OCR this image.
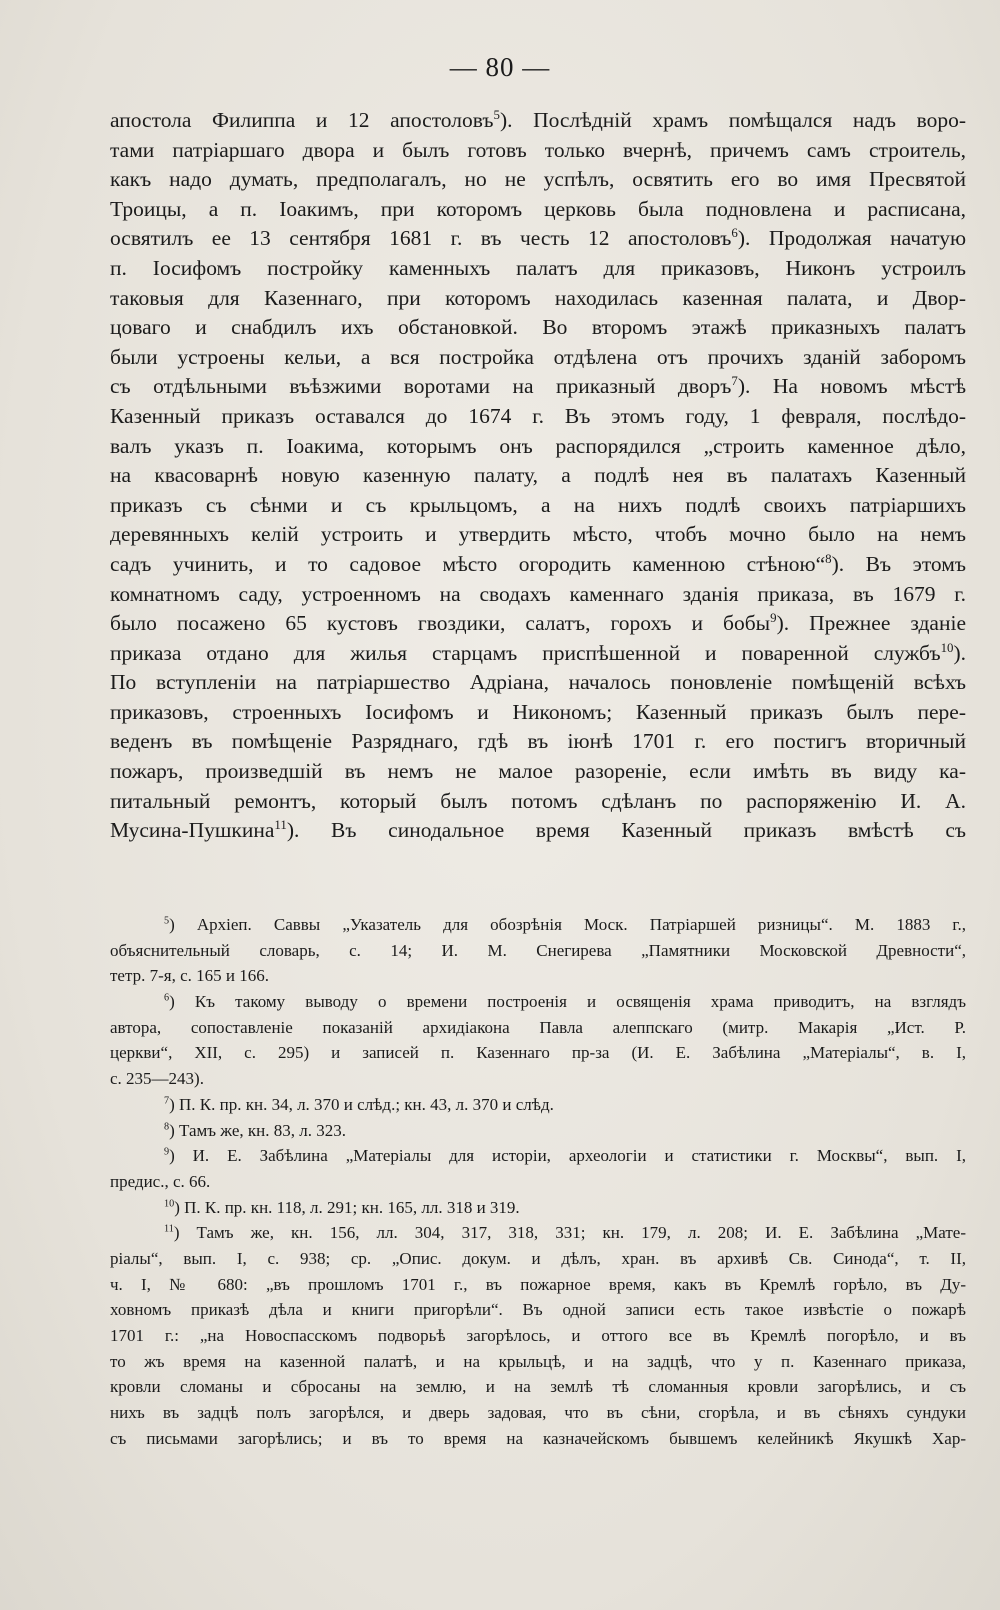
— 80 —
апостола Филиппа и 12 апостоловъ$^5$). Послѣдній храмъ помѣщался надъ воро-
тами патріаршаго двора и былъ готовъ только вчернѣ, причемъ самъ строитель,
какъ надо думать, предполагалъ, но не успѣлъ, освятить его во имя Пресвятой
Троицы, а п. Іоакимъ, при которомъ церковь была подновлена и расписана,
освятилъ ее 13 сентября 1681 г. въ честь 12 апостоловъ$^6$). Продолжая начатую
п. Іосифомъ постройку каменныхъ палатъ для приказовъ, Никонъ устроилъ
таковыя для Казеннаго, при которомъ находилась казенная палата, и Двор-
цоваго и снабдилъ ихъ обстановкой. Во второмъ этажѣ приказныхъ палатъ
были устроены кельи, а вся постройка отдѣлена отъ прочихъ зданій заборомъ
съ отдѣльными въѣзжими воротами на приказный дворъ$^7$). На новомъ мѣстѣ
Казенный приказъ оставался до 1674 г. Въ этомъ году, 1 февраля, послѣдо-
валъ указъ п. Іоакима, которымъ онъ распорядился „строить каменное дѣло,
на квасоварнѣ новую казенную палату, а подлѣ нея въ палатахъ Казенный
приказъ съ сѣнми и съ крыльцомъ, а на нихъ подлѣ своихъ патріаршихъ
деревянныхъ келій устроить и утвердить мѣсто, чтобъ мочно было на немъ
садъ учинить, и то садовое мѣсто огородить каменною стѣною“$^8$). Въ этомъ
комнатномъ саду, устроенномъ на сводахъ каменнаго зданія приказа, въ 1679 г.
было посажено 65 кустовъ гвоздики, салатъ, горохъ и бобы$^9$). Прежнее зданіе
приказа отдано для жилья старцамъ приспѣшенной и поваренной службъ$^{10}$).
По вступленіи на патріаршество Адріана, началось поновленіе помѣщеній всѣхъ
приказовъ, строенныхъ Іосифомъ и Никономъ; Казенный приказъ былъ пере-
веденъ въ помѣщеніе Разряднаго, гдѣ въ іюнѣ 1701 г. его постигъ вторичный
пожаръ, произведшій въ немъ не малое разореніе, если имѣть въ виду ка-
питальный ремонтъ, который былъ потомъ сдѣланъ по распоряженію И. А.
Мусина-Пушкина$^{11}$). Въ синодальное время Казенный приказъ вмѣстѣ съ
$^5$) Архіеп. Саввы „Указатель для обозрѣнія Моск. Патріаршей ризницы“. М. 1883 г.,
объяснительный словарь, с. 14; И. М. Снегирева „Памятники Московской Древности“,
тетр. 7-я, с. 165 и 166.
$^6$) Къ такому выводу о времени построенія и освященія храма приводитъ, на взглядъ
автора, сопоставленіе показаній архидіакона Павла алеппскаго (митр. Макарія „Ист. Р.
церкви“, XII, с. 295) и записей п. Казеннаго пр-за (И. Е. Забѣлина „Матеріалы“, в. I,
с. 235—243).
$^7$) П. К. пр. кн. 34, л. 370 и слѣд.; кн. 43, л. 370 и слѣд.
$^8$) Тамъ же, кн. 83, л. 323.
$^9$) И. Е. Забѣлина „Матеріалы для исторіи, археологіи и статистики г. Москвы“, вып. I,
предис., с. 66.
$^{10}$) П. К. пр. кн. 118, л. 291; кн. 165, лл. 318 и 319.
$^{11}$) Тамъ же, кн. 156, лл. 304, 317, 318, 331; кн. 179, л. 208; И. Е. Забѣлина „Мате-
ріалы“, вып. I, с. 938; ср. „Опис. докум. и дѣлъ, хран. въ архивѣ Св. Синода“, т. II,
ч. I, № 680: „въ прошломъ 1701 г., въ пожарное время, какъ въ Кремлѣ горѣло, въ Ду-
ховномъ приказѣ дѣла и книги пригорѣли“. Въ одной записи есть такое извѣстіе о пожарѣ
1701 г.: „на Новоспасскомъ подворьѣ загорѣлось, и оттого все въ Кремлѣ погорѣло, и въ
то жъ время на казенной палатѣ, и на крыльцѣ, и на задцѣ, что у п. Казеннаго приказа,
кровли сломаны и сбросаны на землю, и на землѣ тѣ сломанныя кровли загорѣлись, и съ
нихъ въ задцѣ полъ загорѣлся, и дверь задовая, что въ сѣни, сгорѣла, и въ сѣняхъ сундуки
съ письмами загорѣлись; и въ то время на казначейскомъ бывшемъ келейникѣ Якушкѣ Хар-
